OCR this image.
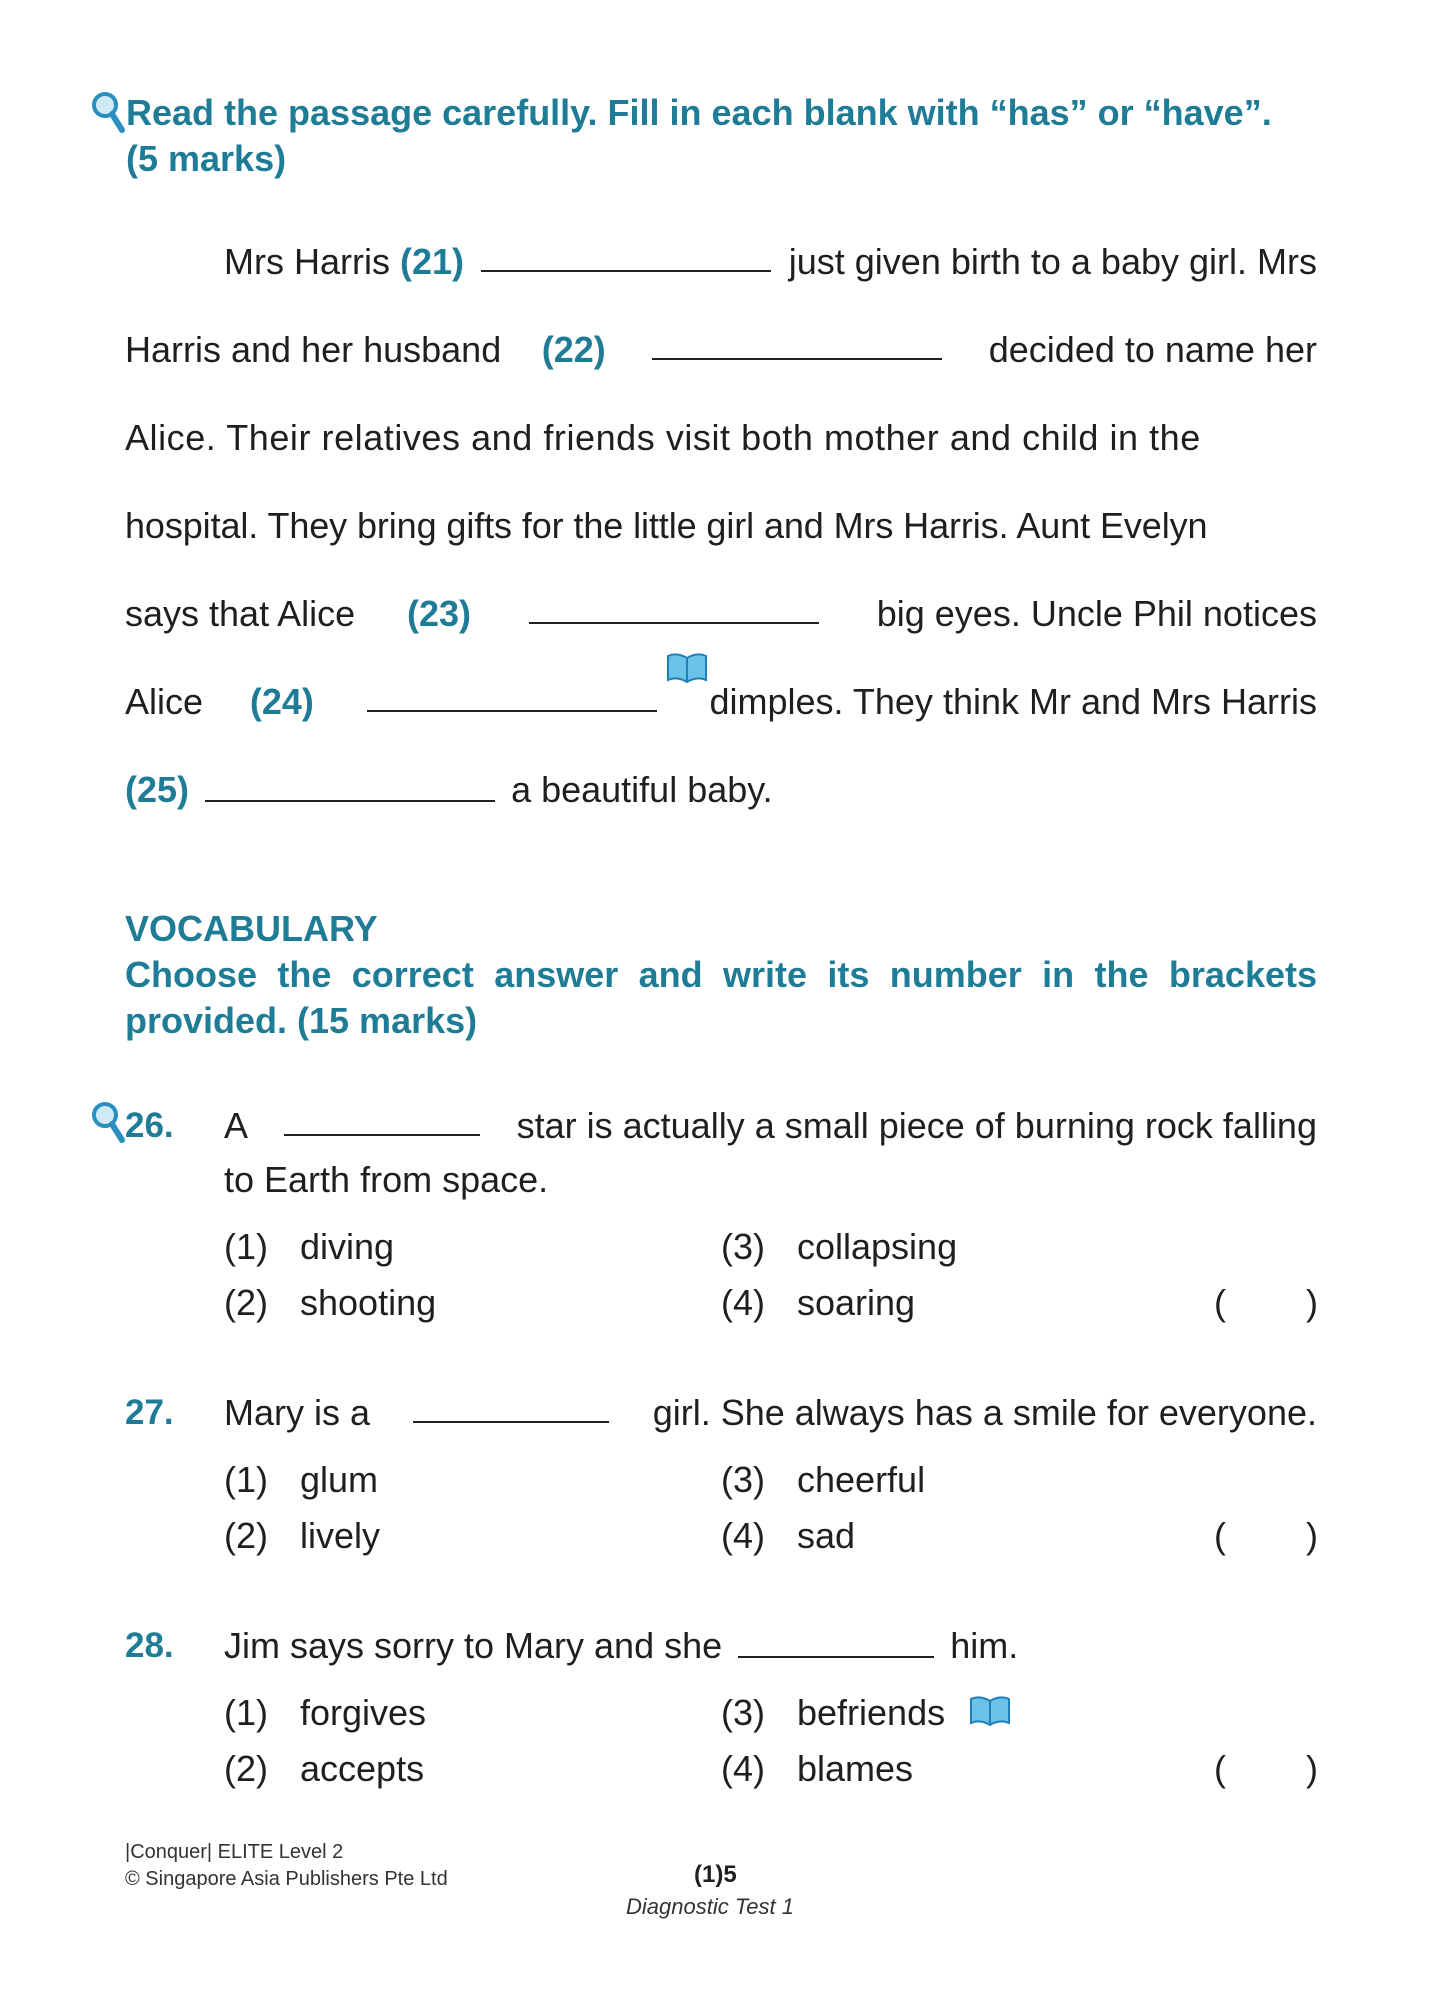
Read the passage carefully. Fill in each blank with “has” or “have”.
(5 marks)

Mrs Harris (21)	just given birth to a baby girl. Mrs
Harris and her husband (22)	decided to name her
Alice. Their relatives and friends visit both mother and child in the
hospital. They bring gifts for the little girl and Mrs Harris. Aunt Evelyn
says that Alice (23)	big eyes. Uncle Phil notices
Alice (24)	dimples. They think Mr and Mrs Harris
(25)	a beautiful baby.

VOCABULARY
Choose the correct answer and write its number in the brackets
provided. (15 marks)

26. A	star is actually a small piece of burning rock falling
to Earth from space.
(1) diving
(2) shooting
(3) collapsing
(4) soaring	( )
27. Mary is a	girl. She always has a smile for everyone.
(1) glum
(2) lively
(3) cheerful
(4) sad	( )
28. Jim says sorry to Mary and she	him.
(1) forgives
(2) accepts
(3) befriends
(4) blames	( )
|Conquer| ELITE Level 2
© Singapore Asia Publishers Pte Ltd	(1)5
Diagnostic Test 1
